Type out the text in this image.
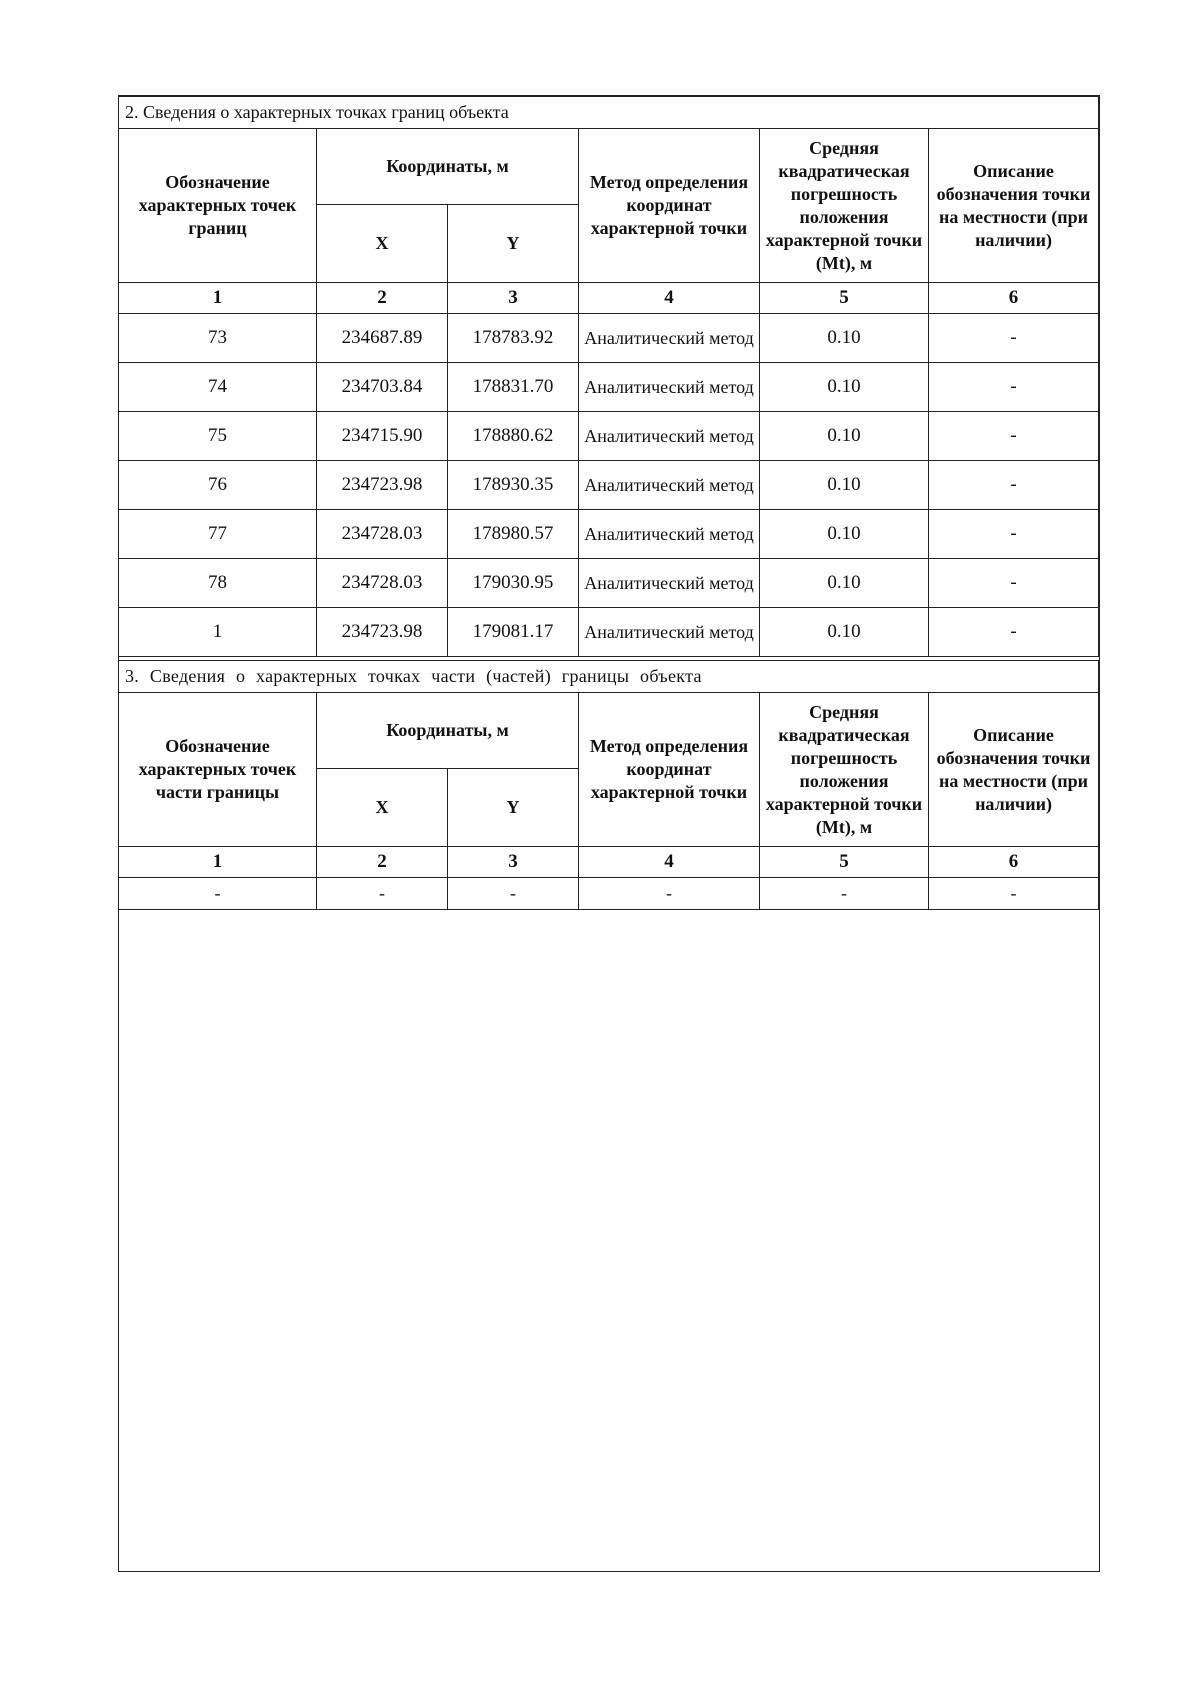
2. Сведения о характерных точках границ объекта					
Обозначение характерных точек границ	Координаты, м		Метод определения координат характерной точки	Средняя квадратическая погрешность положения характерной точки (Mt), м	Описание обозначения точки на местности (при наличии)
	X	Y			
1	2	3	4	5	6
73	234687.89	178783.92	Аналитический метод	0.10	-
74	234703.84	178831.70	Аналитический метод	0.10	-
75	234715.90	178880.62	Аналитический метод	0.10	-
76	234723.98	178930.35	Аналитический метод	0.10	-
77	234728.03	178980.57	Аналитический метод	0.10	-
78	234728.03	179030.95	Аналитический метод	0.10	-
1	234723.98	179081.17	Аналитический метод	0.10	-
3. Сведения о характерных точках части (частей) границы объекта					
Обозначение характерных точек части границы	Координаты, м		Метод определения координат характерной точки	Средняя квадратическая погрешность положения характерной точки (Mt), м	Описание обозначения точки на местности (при наличии)
	X	Y			
1	2	3	4	5	6
-	-	-	-	-	-
